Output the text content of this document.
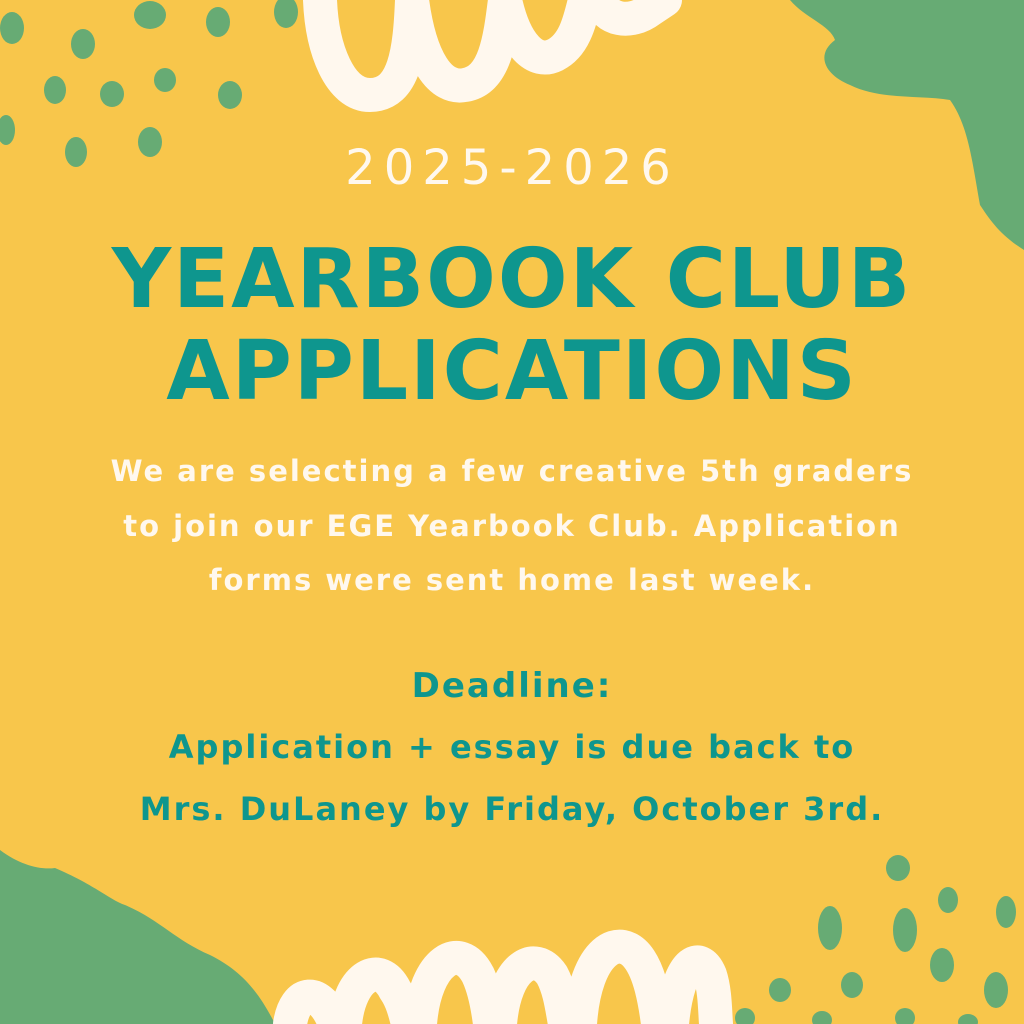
2025-2026
YEARBOOK CLUB
APPLICATIONS
We are selecting a few creative 5th graders
to join our EGE Yearbook Club. Application
forms were sent home last week.
Deadline:
Application + essay is due back to
Mrs. DuLaney by Friday, October 3rd.
